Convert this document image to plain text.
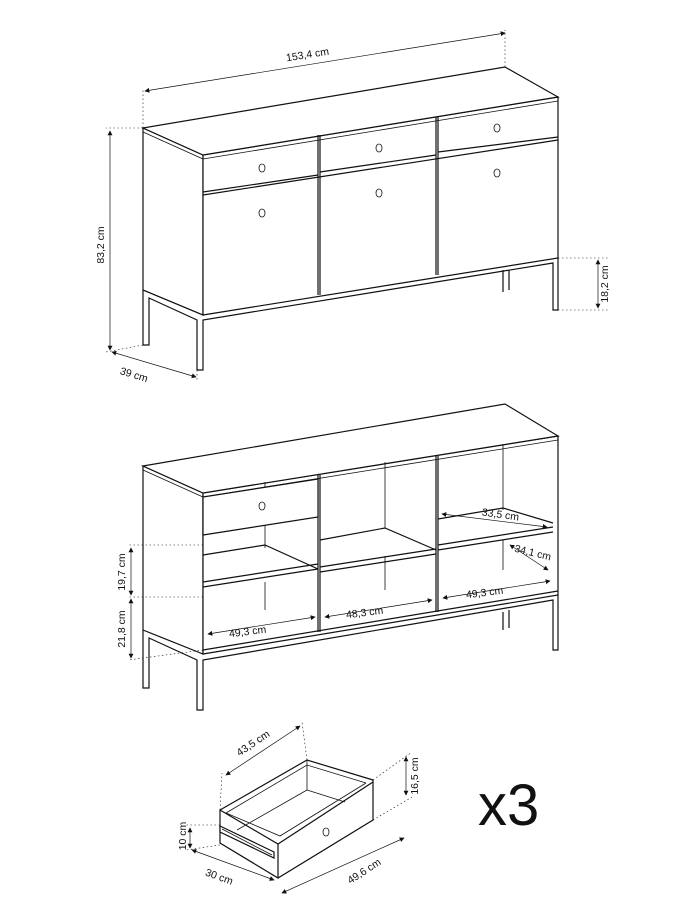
153,4 cm
83,2 cm
39 cm
18,2 cm
33,5 cm
34,1 cm
19,7 cm
21,8 cm	49,3 cm
48,3 cm
49,3 cm
43,5 cm
16,5 cm
10 cm
30 cm	49,6 cm
x3
